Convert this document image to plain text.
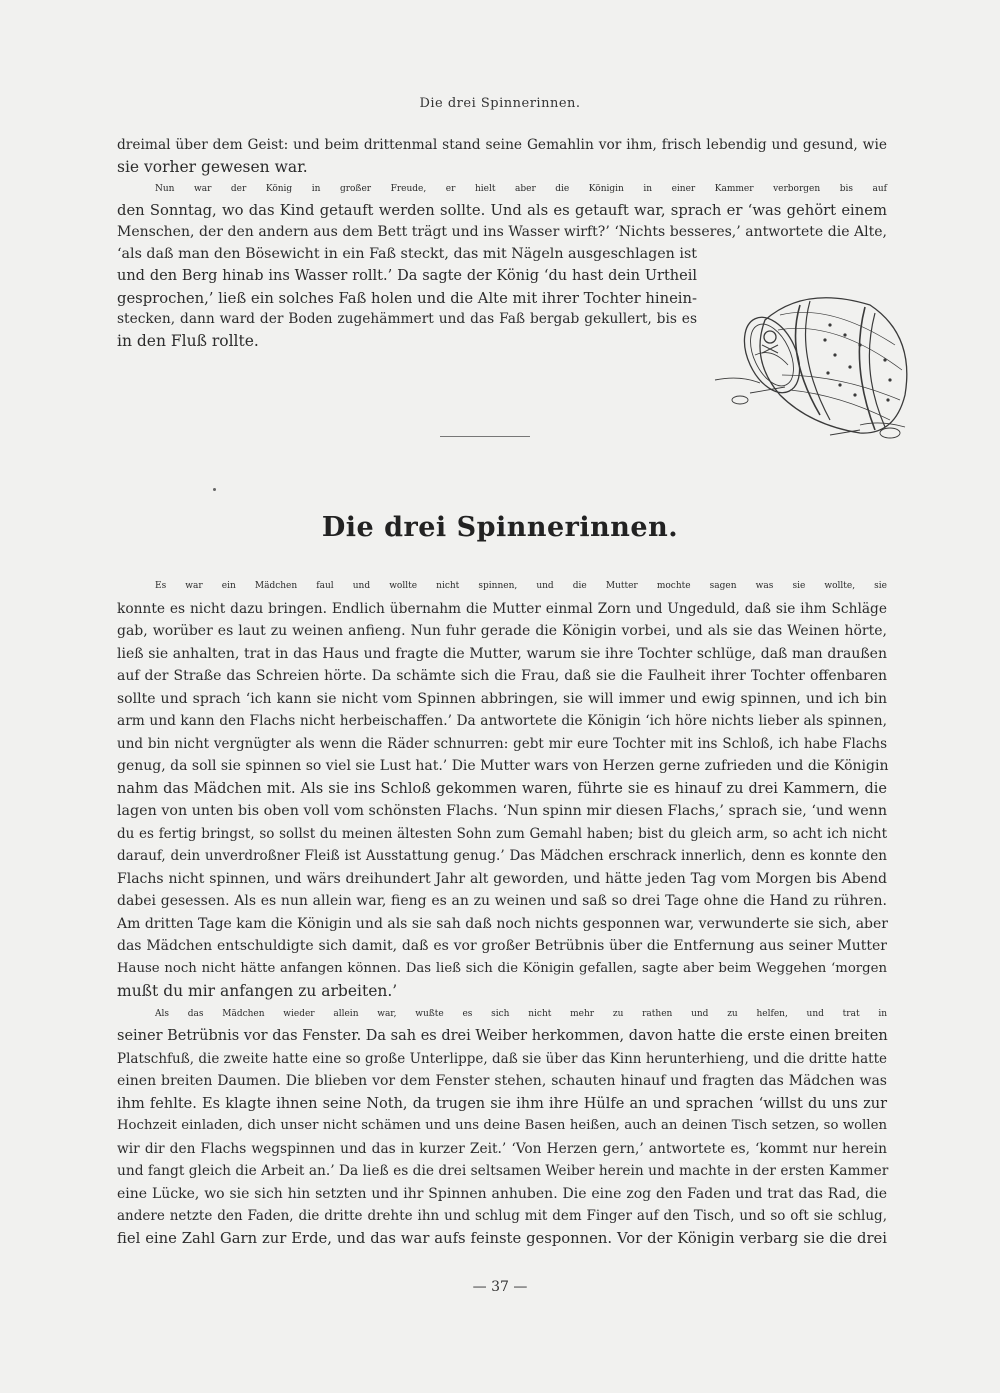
Die drei Spinnerinnen.

dreimal über dem Geist: und beim drittenmal stand seine Gemahlin vor ihm, frisch lebendig und gesund, wie

sie vorher gewesen war.

Nun war der König in großer Freude, er hielt aber die Königin in einer Kammer verborgen bis auf

den Sonntag, wo das Kind getauft werden sollte. Und als es getauft war, sprach er ‘was gehört einem

Menschen, der den andern aus dem Bett trägt und ins Wasser wirft?’ ‘Nichts besseres,’ antwortete die Alte,

‘als daß man den Bösewicht in ein Faß steckt, das mit Nägeln ausgeschlagen ist

und den Berg hinab ins Wasser rollt.’ Da sagte der König ‘du hast dein Urtheil

gesprochen,’ ließ ein solches Faß holen und die Alte mit ihrer Tochter hinein-

stecken, dann ward der Boden zugehämmert und das Faß bergab gekullert, bis es

in den Fluß rollte.

Die drei Spinnerinnen.

Es war ein Mädchen faul und wollte nicht spinnen, und die Mutter mochte sagen was sie wollte, sie

konnte es nicht dazu bringen. Endlich übernahm die Mutter einmal Zorn und Ungeduld, daß sie ihm Schläge

gab, worüber es laut zu weinen anfieng. Nun fuhr gerade die Königin vorbei, und als sie das Weinen hörte,

ließ sie anhalten, trat in das Haus und fragte die Mutter, warum sie ihre Tochter schlüge, daß man draußen

auf der Straße das Schreien hörte. Da schämte sich die Frau, daß sie die Faulheit ihrer Tochter offenbaren

sollte und sprach ‘ich kann sie nicht vom Spinnen abbringen, sie will immer und ewig spinnen, und ich bin

arm und kann den Flachs nicht herbeischaffen.’ Da antwortete die Königin ‘ich höre nichts lieber als spinnen,

und bin nicht vergnügter als wenn die Räder schnurren: gebt mir eure Tochter mit ins Schloß, ich habe Flachs

genug, da soll sie spinnen so viel sie Lust hat.’ Die Mutter wars von Herzen gerne zufrieden und die Königin

nahm das Mädchen mit. Als sie ins Schloß gekommen waren, führte sie es hinauf zu drei Kammern, die

lagen von unten bis oben voll vom schönsten Flachs. ‘Nun spinn mir diesen Flachs,’ sprach sie, ‘und wenn

du es fertig bringst, so sollst du meinen ältesten Sohn zum Gemahl haben; bist du gleich arm, so acht ich nicht

darauf, dein unverdroßner Fleiß ist Ausstattung genug.’ Das Mädchen erschrack innerlich, denn es konnte den

Flachs nicht spinnen, und wärs dreihundert Jahr alt geworden, und hätte jeden Tag vom Morgen bis Abend

dabei gesessen. Als es nun allein war, fieng es an zu weinen und saß so drei Tage ohne die Hand zu rühren.

Am dritten Tage kam die Königin und als sie sah daß noch nichts gesponnen war, verwunderte sie sich, aber

das Mädchen entschuldigte sich damit, daß es vor großer Betrübnis über die Entfernung aus seiner Mutter

Hause noch nicht hätte anfangen können. Das ließ sich die Königin gefallen, sagte aber beim Weggehen ‘morgen

mußt du mir anfangen zu arbeiten.’

Als das Mädchen wieder allein war, wußte es sich nicht mehr zu rathen und zu helfen, und trat in

seiner Betrübnis vor das Fenster. Da sah es drei Weiber herkommen, davon hatte die erste einen breiten

Platschfuß, die zweite hatte eine so große Unterlippe, daß sie über das Kinn herunterhieng, und die dritte hatte

einen breiten Daumen. Die blieben vor dem Fenster stehen, schauten hinauf und fragten das Mädchen was

ihm fehlte. Es klagte ihnen seine Noth, da trugen sie ihm ihre Hülfe an und sprachen ‘willst du uns zur

Hochzeit einladen, dich unser nicht schämen und uns deine Basen heißen, auch an deinen Tisch setzen, so wollen

wir dir den Flachs wegspinnen und das in kurzer Zeit.’ ‘Von Herzen gern,’ antwortete es, ‘kommt nur herein

und fangt gleich die Arbeit an.’ Da ließ es die drei seltsamen Weiber herein und machte in der ersten Kammer

eine Lücke, wo sie sich hin setzten und ihr Spinnen anhuben. Die eine zog den Faden und trat das Rad, die

andere netzte den Faden, die dritte drehte ihn und schlug mit dem Finger auf den Tisch, und so oft sie schlug,

fiel eine Zahl Garn zur Erde, und das war aufs feinste gesponnen. Vor der Königin verbarg sie die drei

— 37 —
